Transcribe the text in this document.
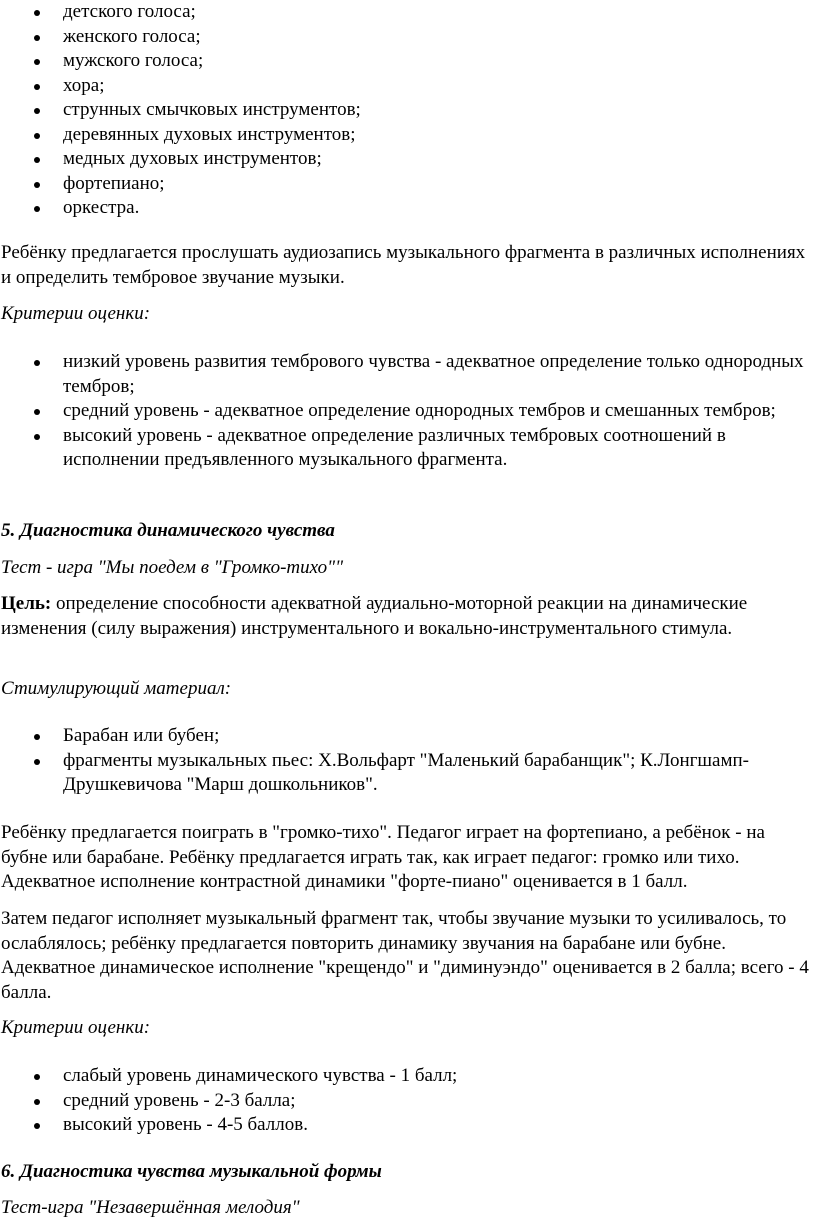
детского голоса;
женского голоса;
мужского голоса;
хора;
струнных смычковых инструментов;
деревянных духовых инструментов;
медных духовых инструментов;
фортепиано;
оркестра.

Ребёнку предлагается прослушать аудиозапись музыкального фрагмента в различных исполнениях и определить тембровое звучание музыки.

Критерии оценки:

низкий уровень развития тембрового чувства - адекватное определение только однородных тембров;
средний уровень - адекватное определение однородных тембров и смешанных тембров;
высокий уровень - адекватное определение различных тембровых соотношений в исполнении предъявленного музыкального фрагмента.

5. Диагностика динамического чувства

Тест - игра "Мы поедем в "Громко-тихо""

Цель: определение способности адекватной аудиально-моторной реакции на динамические изменения (силу выражения) инструментального и вокально-инструментального стимула.

Стимулирующий материал:

Барабан или бубен;
фрагменты музыкальных пьес: Х.Вольфарт "Маленький барабанщик"; К.Лонгшамп-Друшкевичова "Марш дошкольников".

Ребёнку предлагается поиграть в "громко-тихо". Педагог играет на фортепиано, а ребёнок - на бубне или барабане. Ребёнку предлагается играть так, как играет педагог: громко или тихо. Адекватное исполнение контрастной динамики "форте-пиано" оценивается в 1 балл.

Затем педагог исполняет музыкальный фрагмент так, чтобы звучание музыки то усиливалось, то ослаблялось; ребёнку предлагается повторить динамику звучания на барабане или бубне. Адекватное динамическое исполнение "крещендо" и "диминуэндо" оценивается в 2 балла; всего - 4 балла.

Критерии оценки:

слабый уровень динамического чувства - 1 балл;
средний уровень - 2-3 балла;
высокий уровень - 4-5 баллов.

6. Диагностика чувства музыкальной формы

Тест-игра "Незавершённая мелодия"
